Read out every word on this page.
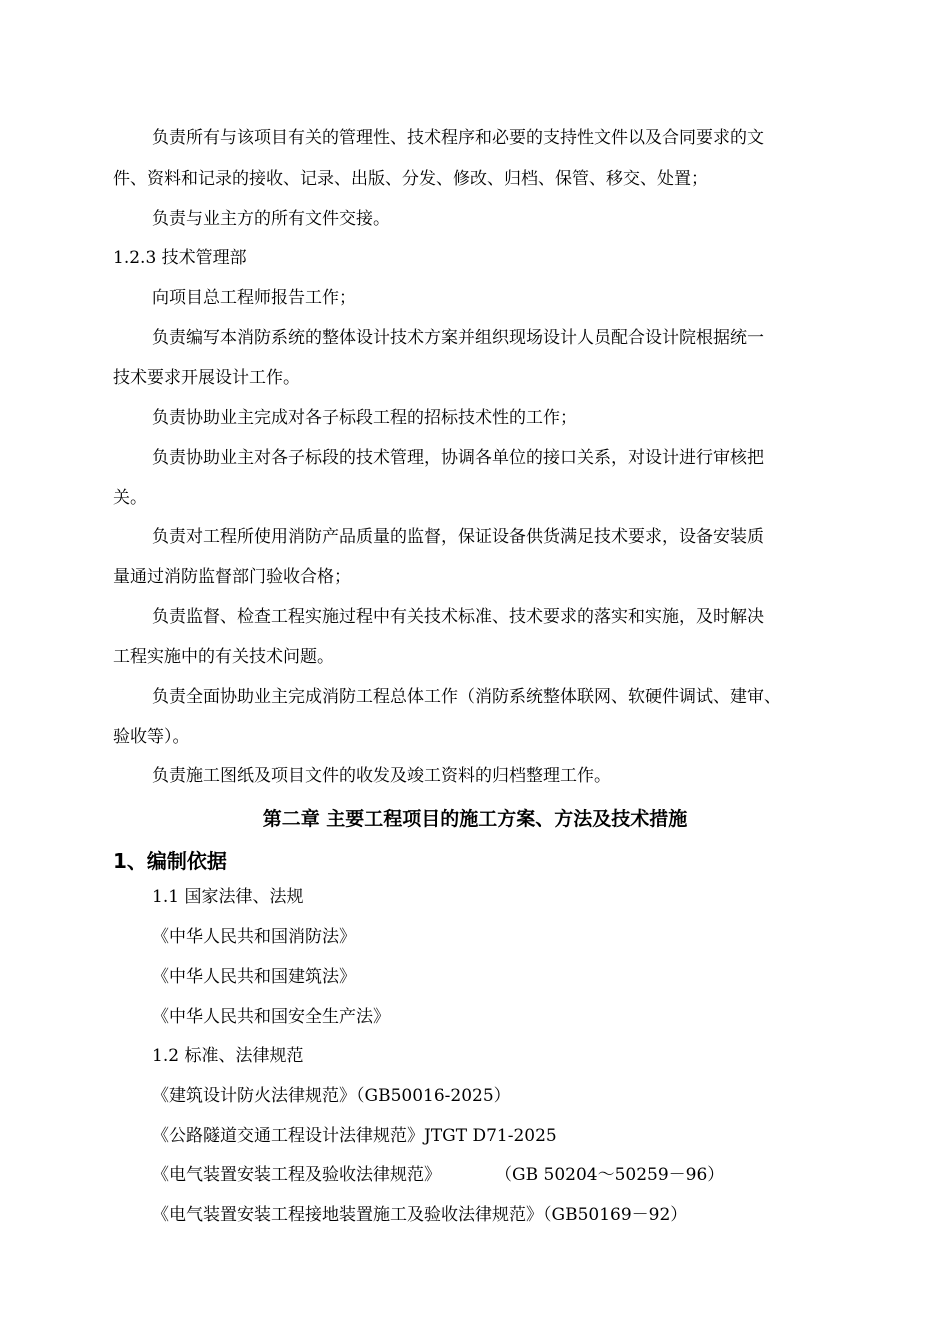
负责所有与该项目有关的管理性、技术程序和必要的支持性文件以及合同要求的文
件、资料和记录的接收、记录、出版、分发、修改、归档、保管、移交、处置；
负责与业主方的所有文件交接。
1.2.3 技术管理部
向项目总工程师报告工作；
负责编写本消防系统的整体设计技术方案并组织现场设计人员配合设计院根据统一
技术要求开展设计工作。
负责协助业主完成对各子标段工程的招标技术性的工作；
负责协助业主对各子标段的技术管理，协调各单位的接口关系，对设计进行审核把
关。
负责对工程所使用消防产品质量的监督，保证设备供货满足技术要求，设备安装质
量通过消防监督部门验收合格；
负责监督、检查工程实施过程中有关技术标准、技术要求的落实和实施，及时解决
工程实施中的有关技术问题。
负责全面协助业主完成消防工程总体工作（消防系统整体联网、软硬件调试、建审、
验收等）。
负责施工图纸及项目文件的收发及竣工资料的归档整理工作。
第二章 主要工程项目的施工方案、方法及技术措施
1、编制依据
1.1 国家法律、法规
《中华人民共和国消防法》
《中华人民共和国建筑法》
《中华人民共和国安全生产法》
1.2 标准、法律规范
《建筑设计防火法律规范》（GB50016-2025）
《公路隧道交通工程设计法律规范》JTGT D71-2025
《电气装置安装工程及验收法律规范》          （GB 50204～50259－96）
《电气装置安装工程接地装置施工及验收法律规范》（GB50169－92）
